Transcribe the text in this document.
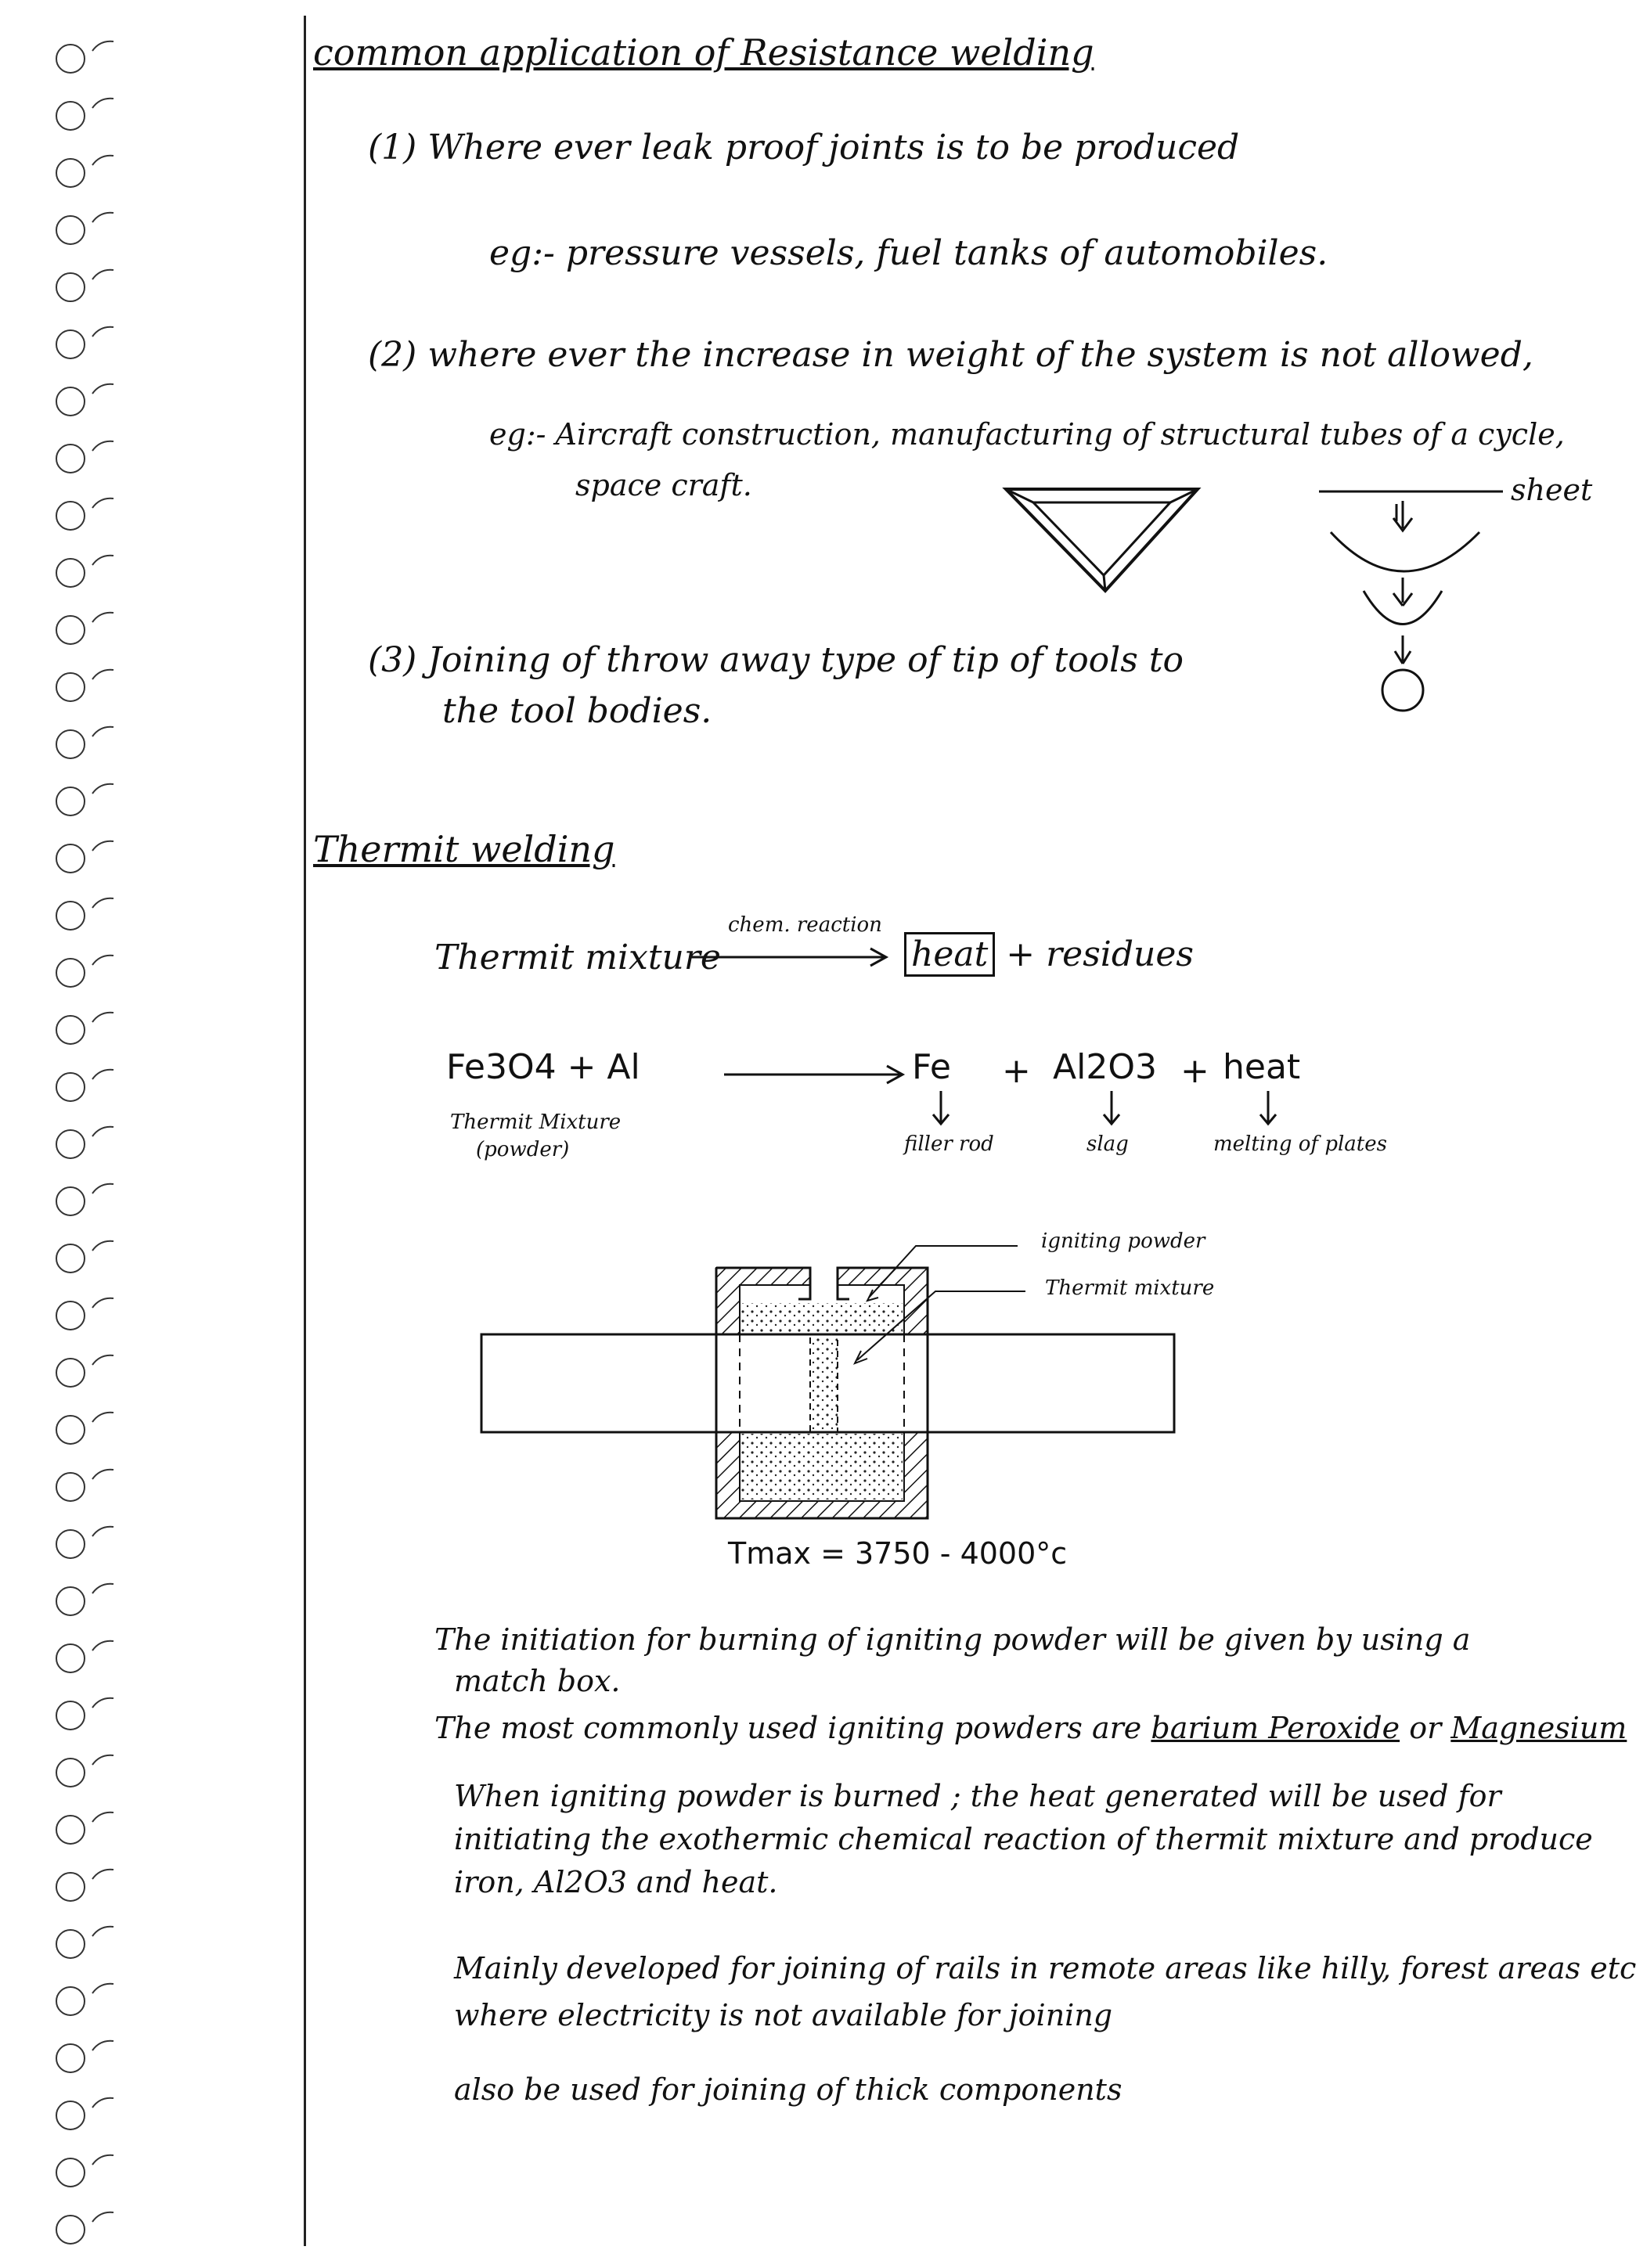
common application of Resistance welding
(1) Where ever leak proof joints is to be produced
eg:- pressure vessels, fuel tanks of automobiles.
(2) where ever the increase in weight of the system is not allowed,
eg:- Aircraft construction, manufacturing of structural tubes of a cycle,
space craft.	sheet
(3) Joining of throw away type of tip of tools to
the tool bodies.
Thermit welding
Thermit mixture
chem. reaction
heat + residues
Fe3O4 + Al
Thermit Mixture
(powder)
Fe + Al2O3 + heat
filler rod	slag	melting of plates
igniting powder
Thermit mixture
Tmax = 3750 - 4000°c
The initiation for burning of igniting powder will be given by using a
match box.
The most commonly used igniting powders are barium Peroxide or Magnesium
When igniting powder is burned ; the heat generated will be used for
initiating the exothermic chemical reaction of thermit mixture and produce
iron, Al2O3 and heat.
Mainly developed for joining of rails in remote areas like hilly, forest areas etc
where electricity is not available for joining
also be used for joining of thick components
